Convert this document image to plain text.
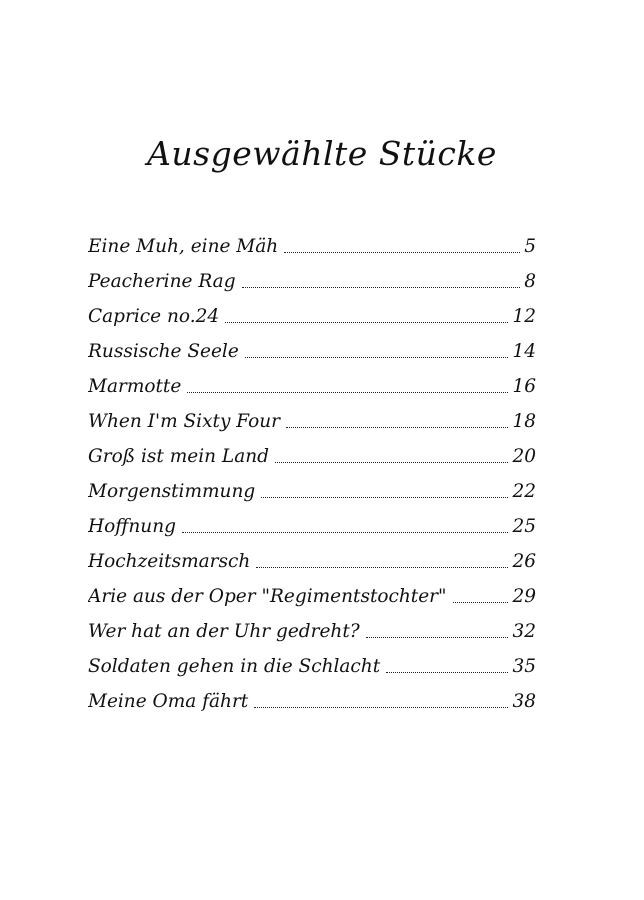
Ausgewählte Stücke
Eine Muh, eine Mäh	5
Peacherine Rag	8
Caprice no.24	12
Russische Seele	14
Marmotte	16
When I'm Sixty Four	18
Groß ist mein Land	20
Morgenstimmung	22
Hoffnung	25
Hochzeitsmarsch	26
Arie aus der Oper "Regimentstochter"	29
Wer hat an der Uhr gedreht?	32
Soldaten gehen in die Schlacht	35
Meine Oma fährt	38
